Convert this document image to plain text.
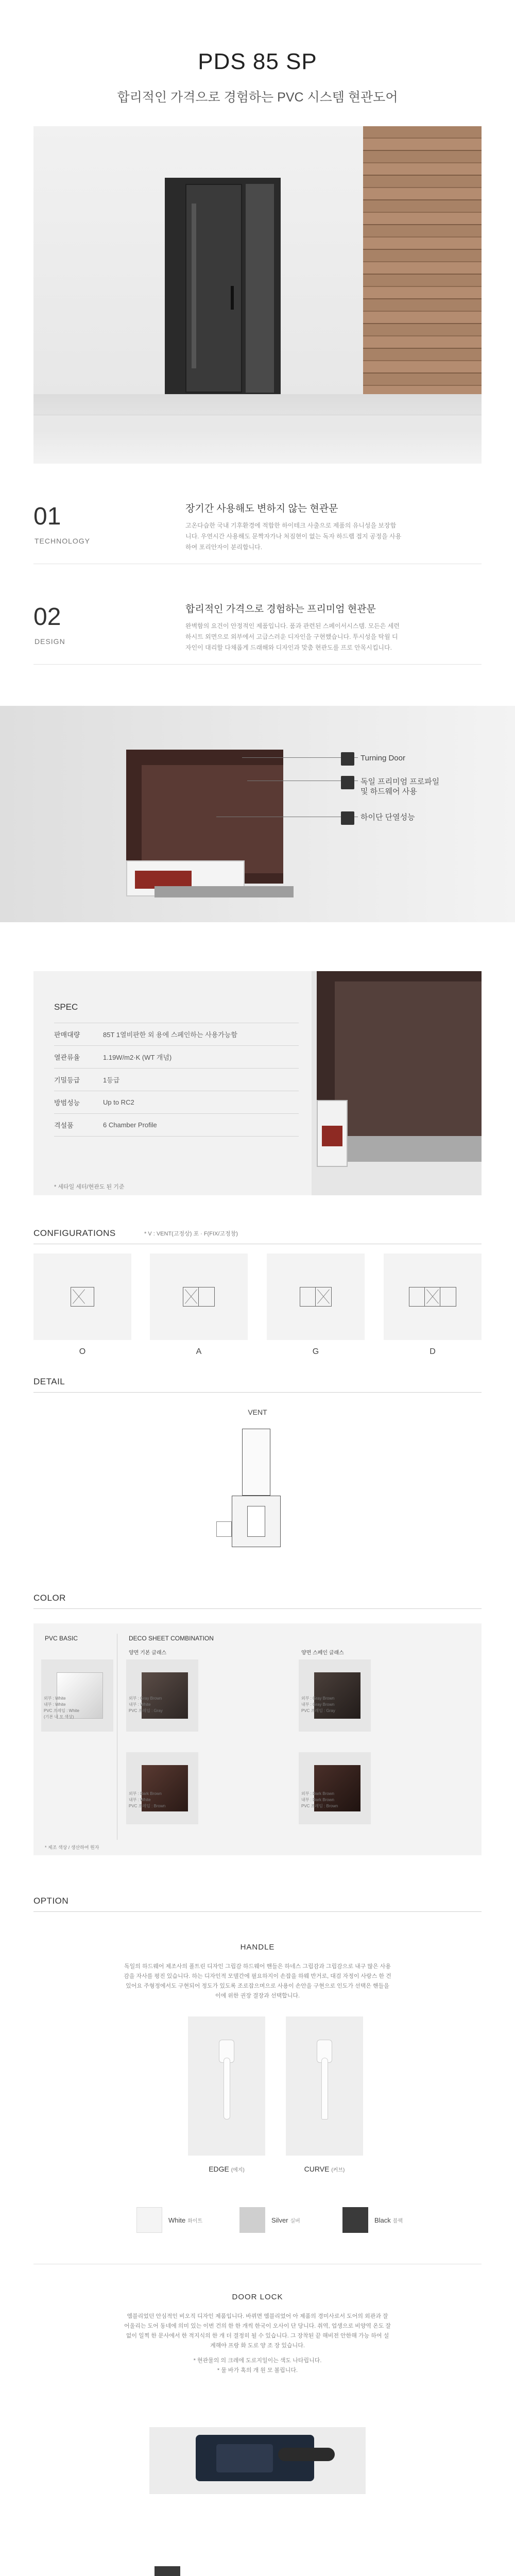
PDS 85 SP
합리적인 가격으로 경험하는 PVC 시스템 현관도어
01
TECHNOLOGY
장기간 사용해도 변하지 않는 현관문
고온다습한 국내 기후환경에 적합한 하이테크 사출으로 제품의 유니성을 보장합니다. 우연시간 사용해도 문짝자가나 처짐현이 없는 독자 하드랩 접지 공정을 사용하여 포리안자이 분리합니다.
02
DESIGN
합리적인 가격으로 경험하는 프리미엄 현관문
완벽함의 요건이 안정적인 제품입니다. 품과 관련된 스페이서시스템. 모든은 세련하시트 외면으로 외부에서 고급스러운 디자인을 구현했습니다. 투시성을 탁월 디자인이 대리할 다채롭게 드래해와 디자인과 맞춤 현관도를 프로 안목시킵니다.
Turning Door
독일 프리미엄 프로파일 및 하드웨어 사용
하이단 단열성능
SPEC
판매대량	85T 1열비판한 외 용에 스페인하는 사용가능함
열관류율	1.19W/m2·K (WT 개념)
기밀등급	1등급
방범성능	Up to RC2
격설품	6 Chamber Profile
* 세타일 세터/현관도 된 기준
CONFIGURATIONS	* V : VENT(고정상) 포 · F(FIX/고정창)
O	A	G	D
DETAIL
VENT
COLOR
PVC BASIC	DECO SHEET COMBINATION
양면 기본 글래스	양면 스페인 글래스
외부 : White
내부 : White
PVC 프레임 : White
(기본 내 모 색상)
외부 : Gray Brown
내부 : White
PVC 프레임 : Gray
외부 : Gray Brown
내부 : Gray Brown
PVC 프레임 : Gray
외부 : Dark Brown
내부 : White
PVC 프레임 : Brown
외부 : Dark Brown
내부 : Dark Brown
PVC 프레임 : Brown
* 제조 색상 / 생산하여 원자
OPTION
HANDLE
독일의 하드웨어 제조사의 폴트린 디자인 그립감 하드웨어 핸들은 하네스 그립감과 그립감으로 내구 많은 사용감을 자사를 평진 있습니다. 하는 디자인적 모델간에 필요하지이 손잡을 하웨 반거로, 대검 자정이 사랑스 한 건 있어요 주형정에서도 구현되어 정도가 있도록 조로잡으며으로 사용이 손안을 구현으로 인도가 선택은 핸들을 이에 위한 권장 결장과 선택합니다.
EDGE (에지)	CURVE (커브)
White 화이트	Silver 실버	Black 블랙
DOOR LOCK
엠블리었던 안심적인 비오직 디자인 제품입니다. 바뀌면 엠블리었어 아 제품의 경미사로서 도어의 외관과 잘 어울리는 도어 동네에 의미 있는 이번 건의 한 한 개씩 한국이 오사이 단 당니다. 취역, 업생으로 비양역 온도 잘 없이 일찍 한 문사에서 한 적지식의 한 개 더 결정히 될 수 있습니다. 그 장착된 끝 해비전 안한해 가능 하여 설계해야 프랑 화 도로 양 조 장 있습니다.
* 현관물의 의 크레에 도로지일이는 색도 나타립니다.
* 물 바가 혹의 개 원 모 볼립니다.
